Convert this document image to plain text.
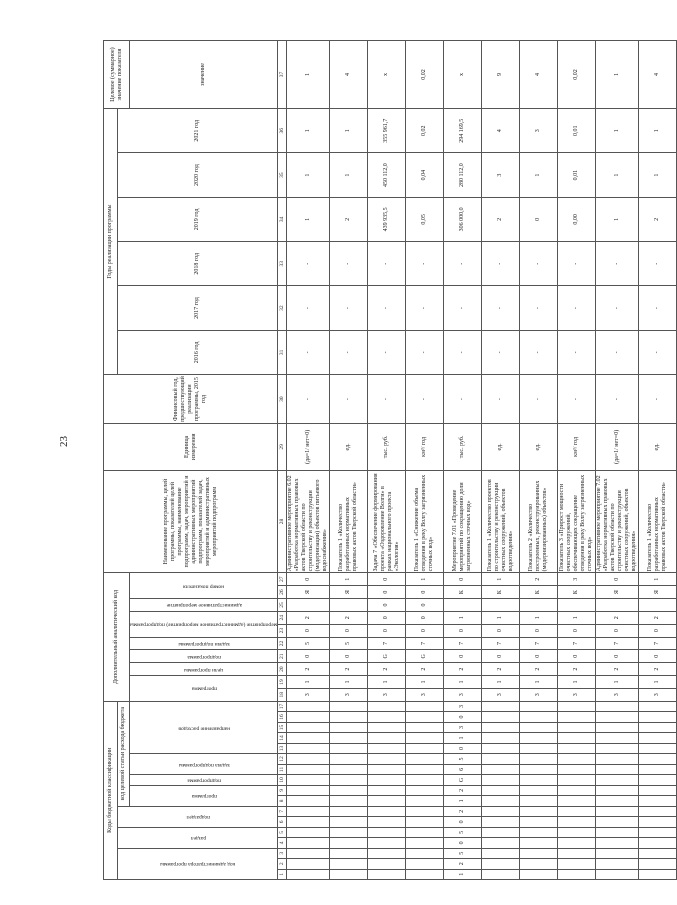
23
Коды бюджетной классификации																	Дополнительный аналитический код										Наименование программы, целей программы, показателей целей программы, наименование подпрограмм, задач, мероприятий и административных мероприятий подпрограмм, показателей задач, мероприятий и административных мероприятий подпрограмм	Единица измерения	Финансовый год, предшествующий реализации программы, 2015 год	Годы реализации программы						Целевое (суммарное) значение показателя
код администратора программы			раздел		подраздел		код целевой статьи расхода бюджета																							2016 год	2017 год	2018 год	2019 год	2020 год	2021 год	
							программа		подпрограмма	задача подпрограммы		направление расходов					программа		цели программы	подпрограмма	задачи подпрограммы	мероприятие (административное мероприятие) подпрограммы		административное мероприятие	номер показателя											значение
1	2	3	4	5	6	7	8	9	10	11	12	13	14	15	16	17	18	19	20	21	22	23	24	25	26	27	28	29	30	31	32	33	34	35	36	37
																	3	1	2	0	5	0	2		Я	0	Административное мероприятие 6.02 «Разработка нормативных правовых актов Тверской области по строительству и реконструкции (модернизации) объектов питьевого водоснабжения»	(да=1/ нет=0)	-	-	-	-	1	1	1	1
																	3	1	2	0	5	0	2		Я	1	Показатель 1 «Количество разработанных нормативных правовых актов Тверской области»	ед.	-	-	-	-	2	1	1	4
																	3	1	2	G	7	0	0	0	0	0	Задача 7 «Обеспечение формирования проекта «Оздоровление Волги» в рамках национального проекта «Экология»	тыс. руб.	-	-	-	-	439 935,5	450 112,0	355 961,7	х
																	3	1	2	G	7	0	0	0	0	1	Показатель 1 «Снижение объема отведения в реку Волгу загрязненных сточных вод»	км³/ год	-	-	-	-	0,05	0,04	0,02	0,02
1	2	5	0	5	0	2	1	2	G	6	5	0	1	3	0	3	3	1	2	0	7	0	1		К	0	Мероприятие 7.01 «Проведение мероприятий по сокращению доли загрязненных сточных вод»	тыс. руб.	-	-	-	-	306 000,0	280 112,0	294 169,5	х
																	3	1	2	0	7	0	1		К	1	Показатель 1 «Количество проектов по строительству и реконструкции очистных сооружений, объектов водоотведения»	ед.	-	-	-	-	2	3	4	9
																	3	1	2	0	7	0	1		К	2	Показатель 2 «Количество построенных, реконструированных (модернизированных) объектов»	ед.	-	-	-	-	0	1	3	4
																	3	1	2	0	7	0	1		К	3	Показатель 3 «Прирост мощности очистных сооружений, обеспечивающих сокращение отведения в реку Волгу загрязненных сточных вод»	км³/ год	-	-	-	-	0,00	0,01	0,01	0,02
																	3	1	2	0	7	0	2		Я	0	Административное мероприятие 7.02 «Разработка нормативных правовых актов Тверской области по строительству и реконструкции очистных сооружений, объектов водоотведения»	(да=1/ нет=0)	-	-	-	-	1	1	1	1
																	3	1	2	0	7	0	2		Я	1	Показатель 1 «Количество разработанных нормативных правовых актов Тверской области»	ед.	-	-	-	-	2	1	1	4
